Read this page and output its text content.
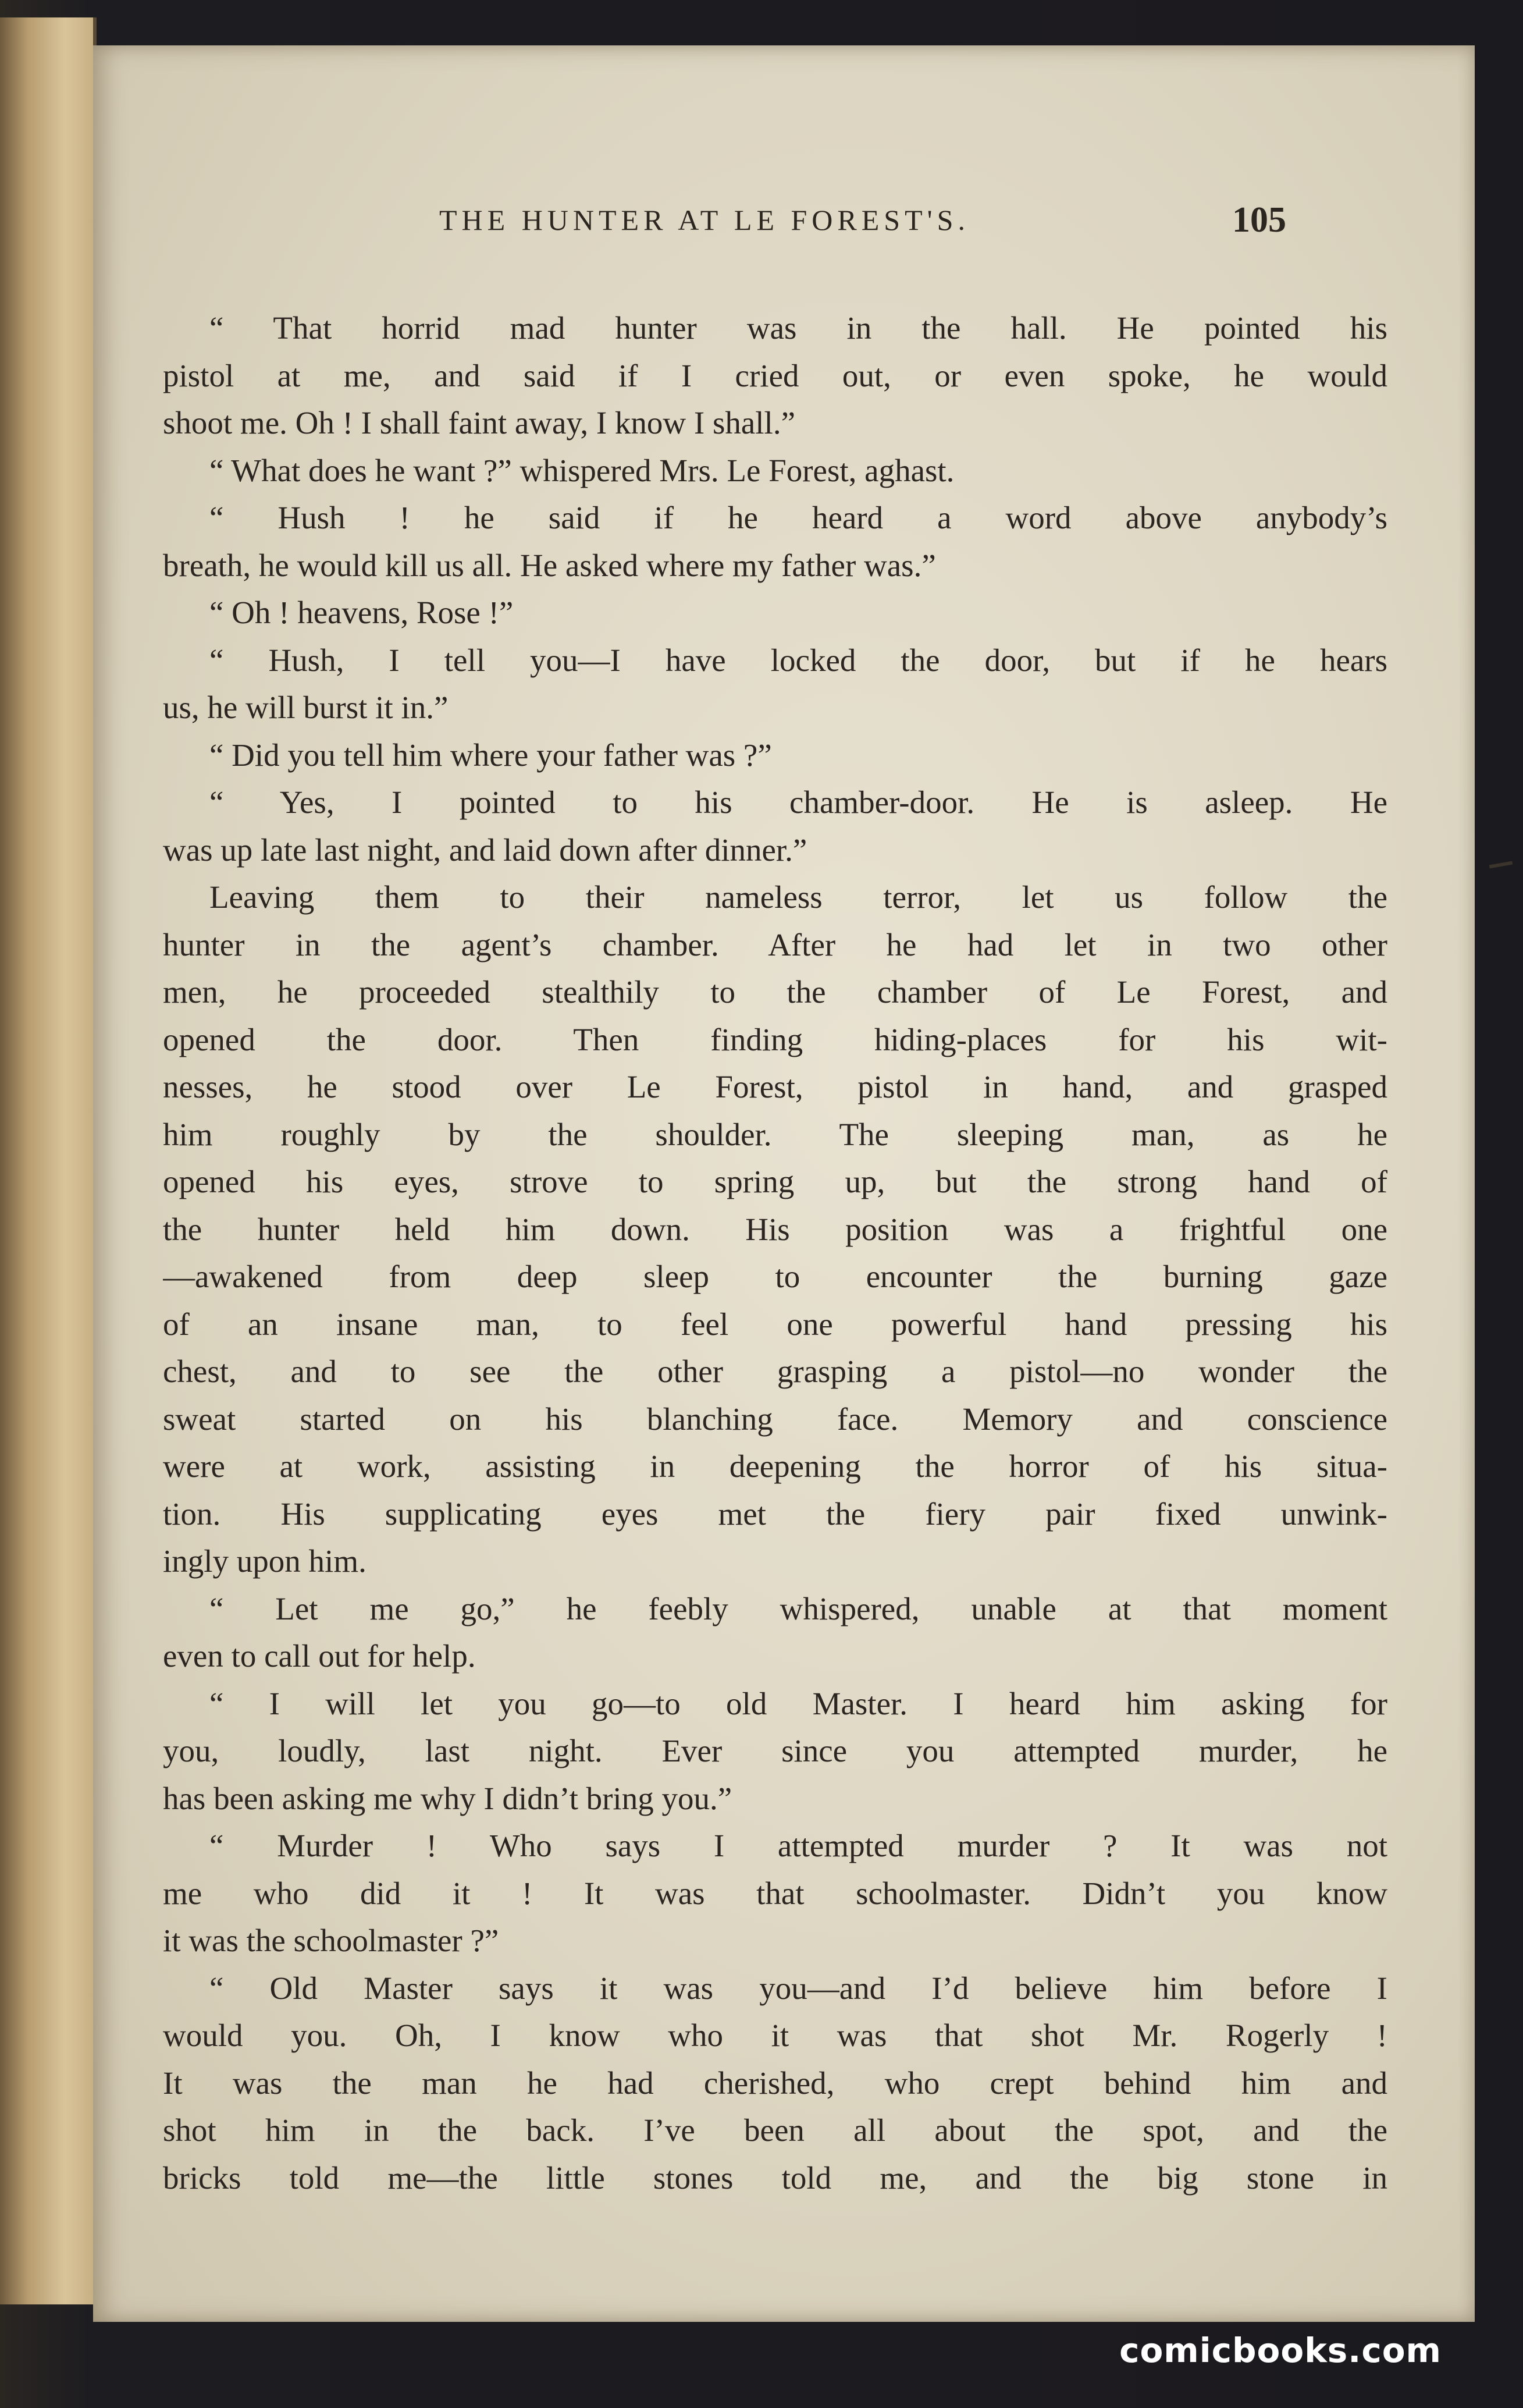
THE HUNTER AT LE FOREST'S.	105
“ That horrid mad hunter was in the hall. He pointed his
pistol at me, and said if I cried out, or even spoke, he would
shoot me. Oh ! I shall faint away, I know I shall.”
“ What does he want ?” whispered Mrs. Le Forest, aghast.
“ Hush ! he said if he heard a word above anybody’s
breath, he would kill us all. He asked where my father was.”
“ Oh ! heavens, Rose !”
“ Hush, I tell you—I have locked the door, but if he hears
us, he will burst it in.”
“ Did you tell him where your father was ?”
“ Yes, I pointed to his chamber-door. He is asleep. He
was up late last night, and laid down after dinner.”
Leaving them to their nameless terror, let us follow the
hunter in the agent’s chamber. After he had let in two other
men, he proceeded stealthily to the chamber of Le Forest, and
opened the door. Then finding hiding-places for his wit-
nesses, he stood over Le Forest, pistol in hand, and grasped
him roughly by the shoulder. The sleeping man, as he
opened his eyes, strove to spring up, but the strong hand of
the hunter held him down. His position was a frightful one
—awakened from deep sleep to encounter the burning gaze
of an insane man, to feel one powerful hand pressing his
chest, and to see the other grasping a pistol—no wonder the
sweat started on his blanching face. Memory and conscience
were at work, assisting in deepening the horror of his situa-
tion. His supplicating eyes met the fiery pair fixed unwink-
ingly upon him.
“ Let me go,” he feebly whispered, unable at that moment
even to call out for help.
“ I will let you go—to old Master. I heard him asking for
you, loudly, last night. Ever since you attempted murder, he
has been asking me why I didn’t bring you.”
“ Murder ! Who says I attempted murder ? It was not
me who did it ! It was that schoolmaster. Didn’t you know
it was the schoolmaster ?”
“ Old Master says it was you—and I’d believe him before I
would you. Oh, I know who it was that shot Mr. Rogerly !
It was the man he had cherished, who crept behind him and
shot him in the back. I’ve been all about the spot, and the
bricks told me—the little stones told me, and the big stone in
comicbooks.com
